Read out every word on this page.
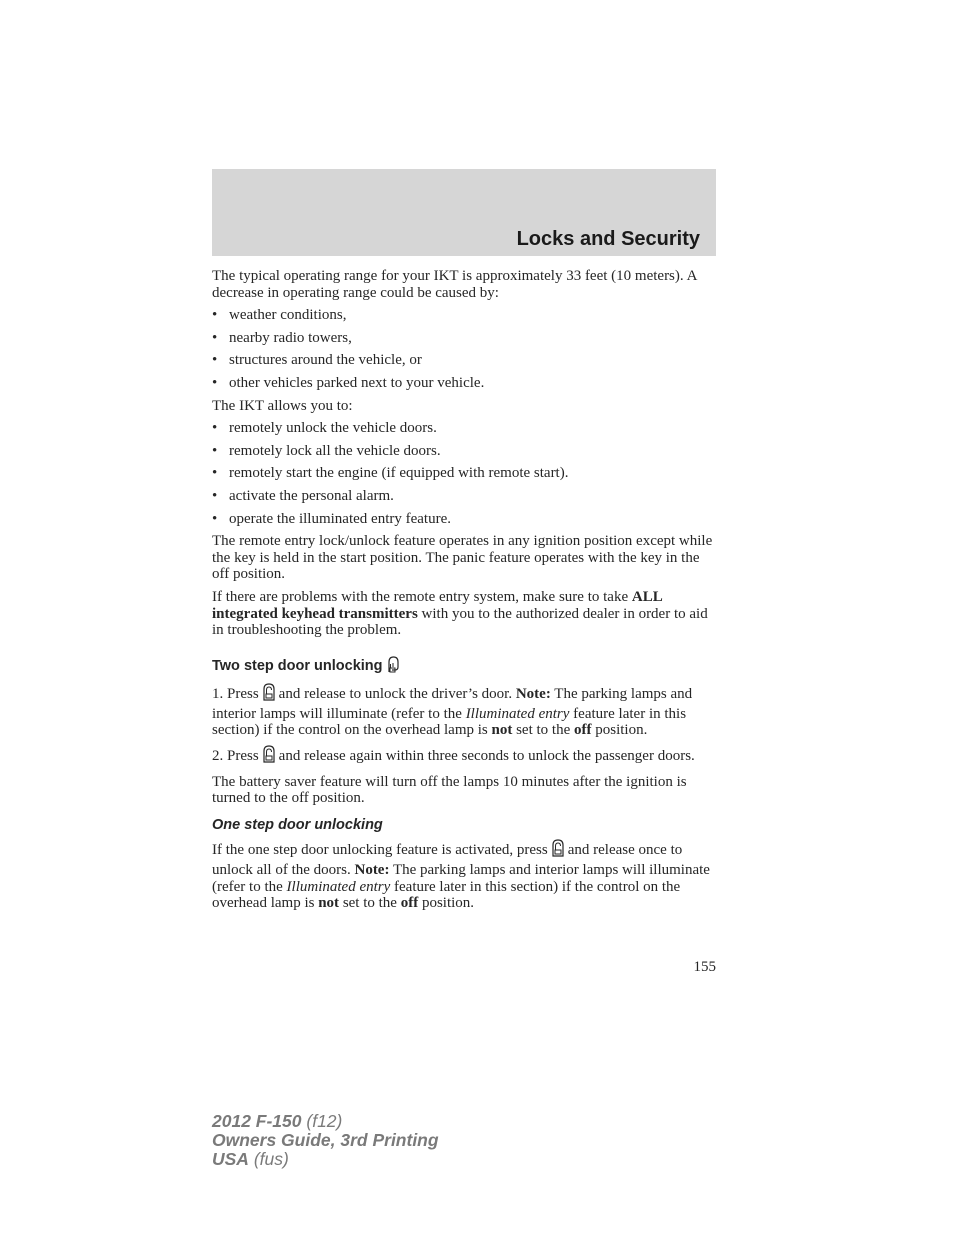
Locks and Security

The typical operating range for your IKT is approximately 33 feet (10 meters). A decrease in operating range could be caused by:

• weather conditions,
• nearby radio towers,
• structures around the vehicle, or
• other vehicles parked next to your vehicle.

The IKT allows you to:

• remotely unlock the vehicle doors.
• remotely lock all the vehicle doors.
• remotely start the engine (if equipped with remote start).
• activate the personal alarm.
• operate the illuminated entry feature.

The remote entry lock/unlock feature operates in any ignition position except while the key is held in the start position. The panic feature operates with the key in the off position.

If there are problems with the remote entry system, make sure to take ALL integrated keyhead transmitters with you to the authorized dealer in order to aid in troubleshooting the problem.

Two step door unlocking

1. Press and release to unlock the driver’s door. Note: The parking lamps and interior lamps will illuminate (refer to the Illuminated entry feature later in this section) if the control on the overhead lamp is not set to the off position.

2. Press and release again within three seconds to unlock the passenger doors.

The battery saver feature will turn off the lamps 10 minutes after the ignition is turned to the off position.

One step door unlocking

If the one step door unlocking feature is activated, press and release once to unlock all of the doors. Note: The parking lamps and interior lamps will illuminate (refer to the Illuminated entry feature later in this section) if the control on the overhead lamp is not set to the off position.

155
2012 F-150 (f12)
Owners Guide, 3rd Printing
USA (fus)
